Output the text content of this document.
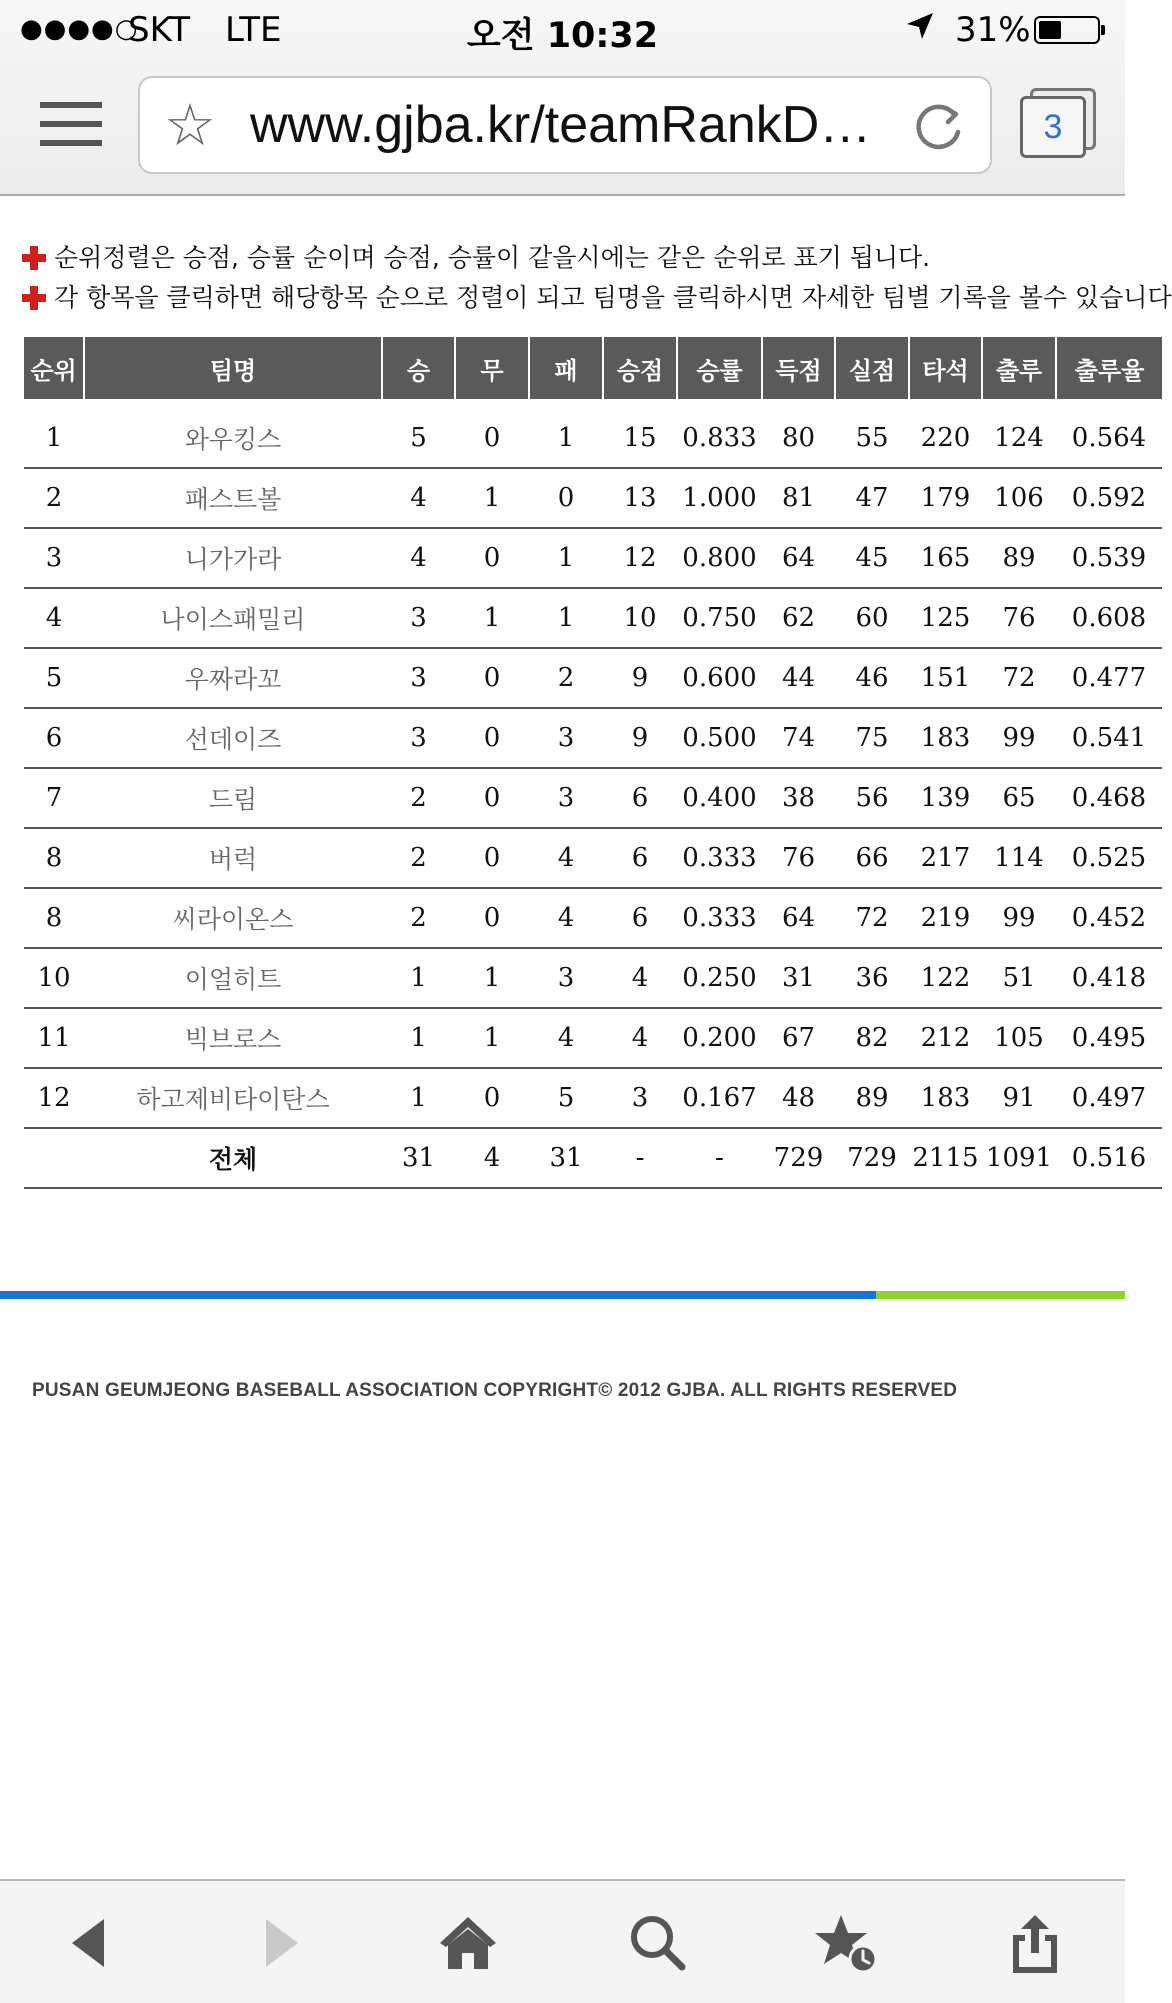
●●●●○
SKT LTE	오전 10:32	31%
☆ www.gjba.kr/teamRankD…	3
순위정렬은 승점, 승률 순이며 승점, 승률이 같을시에는 같은 순위로 표기 됩니다.
각 항목을 클릭하면 해당항목 순으로 정렬이 되고 팀명을 클릭하시면 자세한 팀별 기록을 볼수 있습니다
순위	팀명	승	무	패	승점	승률	득점	실점	타석	출루	출루율
1	와우킹스	5	0	1	15	0.833	80	55	220	124	0.564
2	패스트볼	4	1	0	13	1.000	81	47	179	106	0.592
3	니가가라	4	0	1	12	0.800	64	45	165	89	0.539
4	나이스패밀리	3	1	1	10	0.750	62	60	125	76	0.608
5	우짜라꼬	3	0	2	9	0.600	44	46	151	72	0.477
6	선데이즈	3	0	3	9	0.500	74	75	183	99	0.541
7	드림	2	0	3	6	0.400	38	56	139	65	0.468
8	버럭	2	0	4	6	0.333	76	66	217	114	0.525
8	씨라이온스	2	0	4	6	0.333	64	72	219	99	0.452
10	이얼히트	1	1	3	4	0.250	31	36	122	51	0.418
11	빅브로스	1	1	4	4	0.200	67	82	212	105	0.495
12	하고제비타이탄스	1	0	5	3	0.167	48	89	183	91	0.497
	전체	31	4	31	-	-	729	729	2115	1091	0.516
PUSAN GEUMJEONG BASEBALL ASSOCIATION COPYRIGHT© 2012 GJBA. ALL RIGHTS RESERVED
